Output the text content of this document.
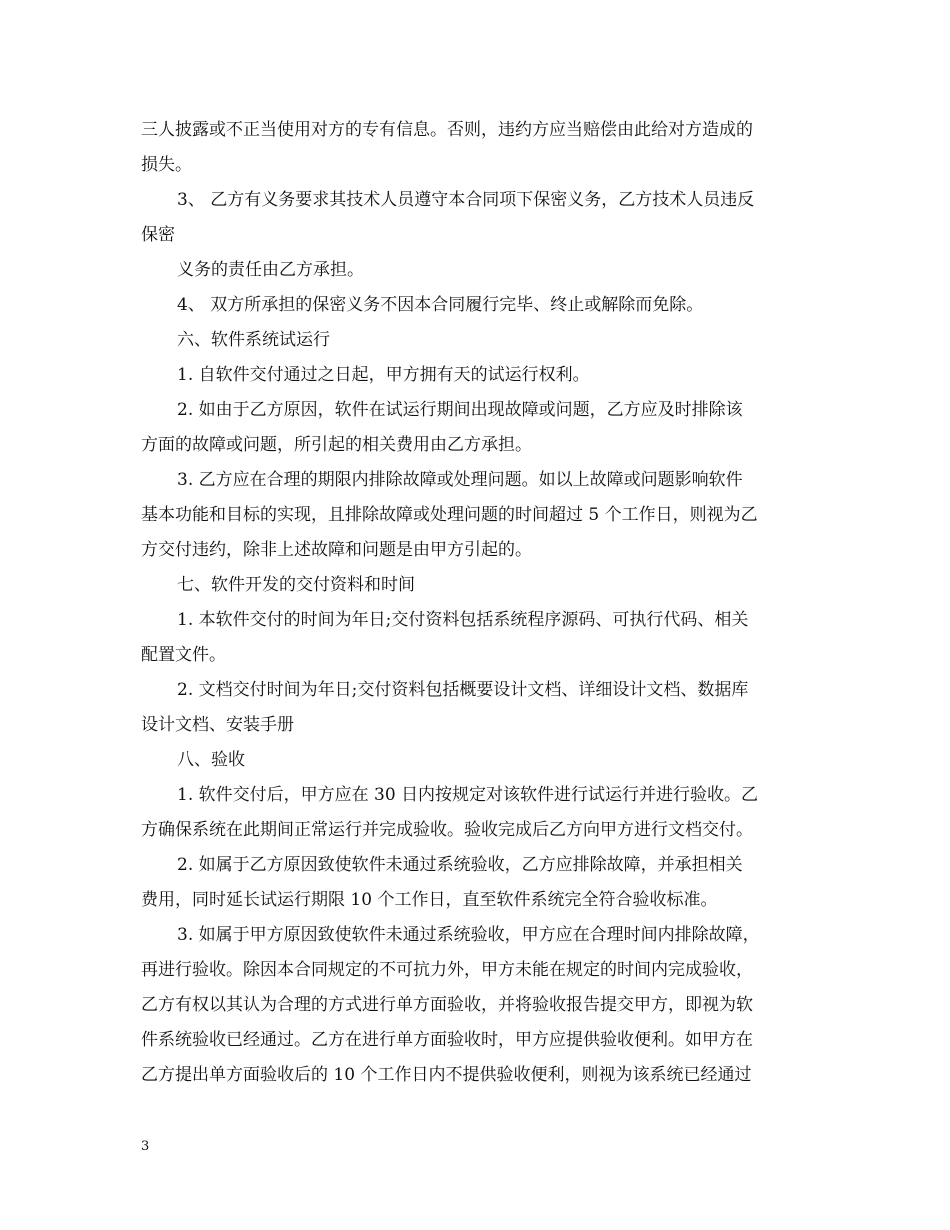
三人披露或不正当使用对方的专有信息。否则，违约方应当赔偿由此给对方造成的
损失。
3、 乙方有义务要求其技术人员遵守本合同项下保密义务，乙方技术人员违反
保密
义务的责任由乙方承担。
4、 双方所承担的保密义务不因本合同履行完毕、终止或解除而免除。
六、软件系统试运行
1. 自软件交付通过之日起，甲方拥有天的试运行权利。
2. 如由于乙方原因，软件在试运行期间出现故障或问题，乙方应及时排除该
方面的故障或问题，所引起的相关费用由乙方承担。
3. 乙方应在合理的期限内排除故障或处理问题。如以上故障或问题影响软件
基本功能和目标的实现，且排除故障或处理问题的时间超过 5 个工作日，则视为乙
方交付违约，除非上述故障和问题是由甲方引起的。
七、软件开发的交付资料和时间
1. 本软件交付的时间为年日;交付资料包括系统程序源码、可执行代码、相关
配置文件。
2. 文档交付时间为年日;交付资料包括概要设计文档、详细设计文档、数据库
设计文档、安装手册
八、验收
1. 软件交付后，甲方应在 30 日内按规定对该软件进行试运行并进行验收。乙
方确保系统在此期间正常运行并完成验收。验收完成后乙方向甲方进行文档交付。
2. 如属于乙方原因致使软件未通过系统验收，乙方应排除故障，并承担相关
费用，同时延长试运行期限 10 个工作日，直至软件系统完全符合验收标准。
3. 如属于甲方原因致使软件未通过系统验收，甲方应在合理时间内排除故障，
再进行验收。除因本合同规定的不可抗力外，甲方未能在规定的时间内完成验收，
乙方有权以其认为合理的方式进行单方面验收，并将验收报告提交甲方，即视为软
件系统验收已经通过。乙方在进行单方面验收时，甲方应提供验收便利。如甲方在
乙方提出单方面验收后的 10 个工作日内不提供验收便利，则视为该系统已经通过
3
